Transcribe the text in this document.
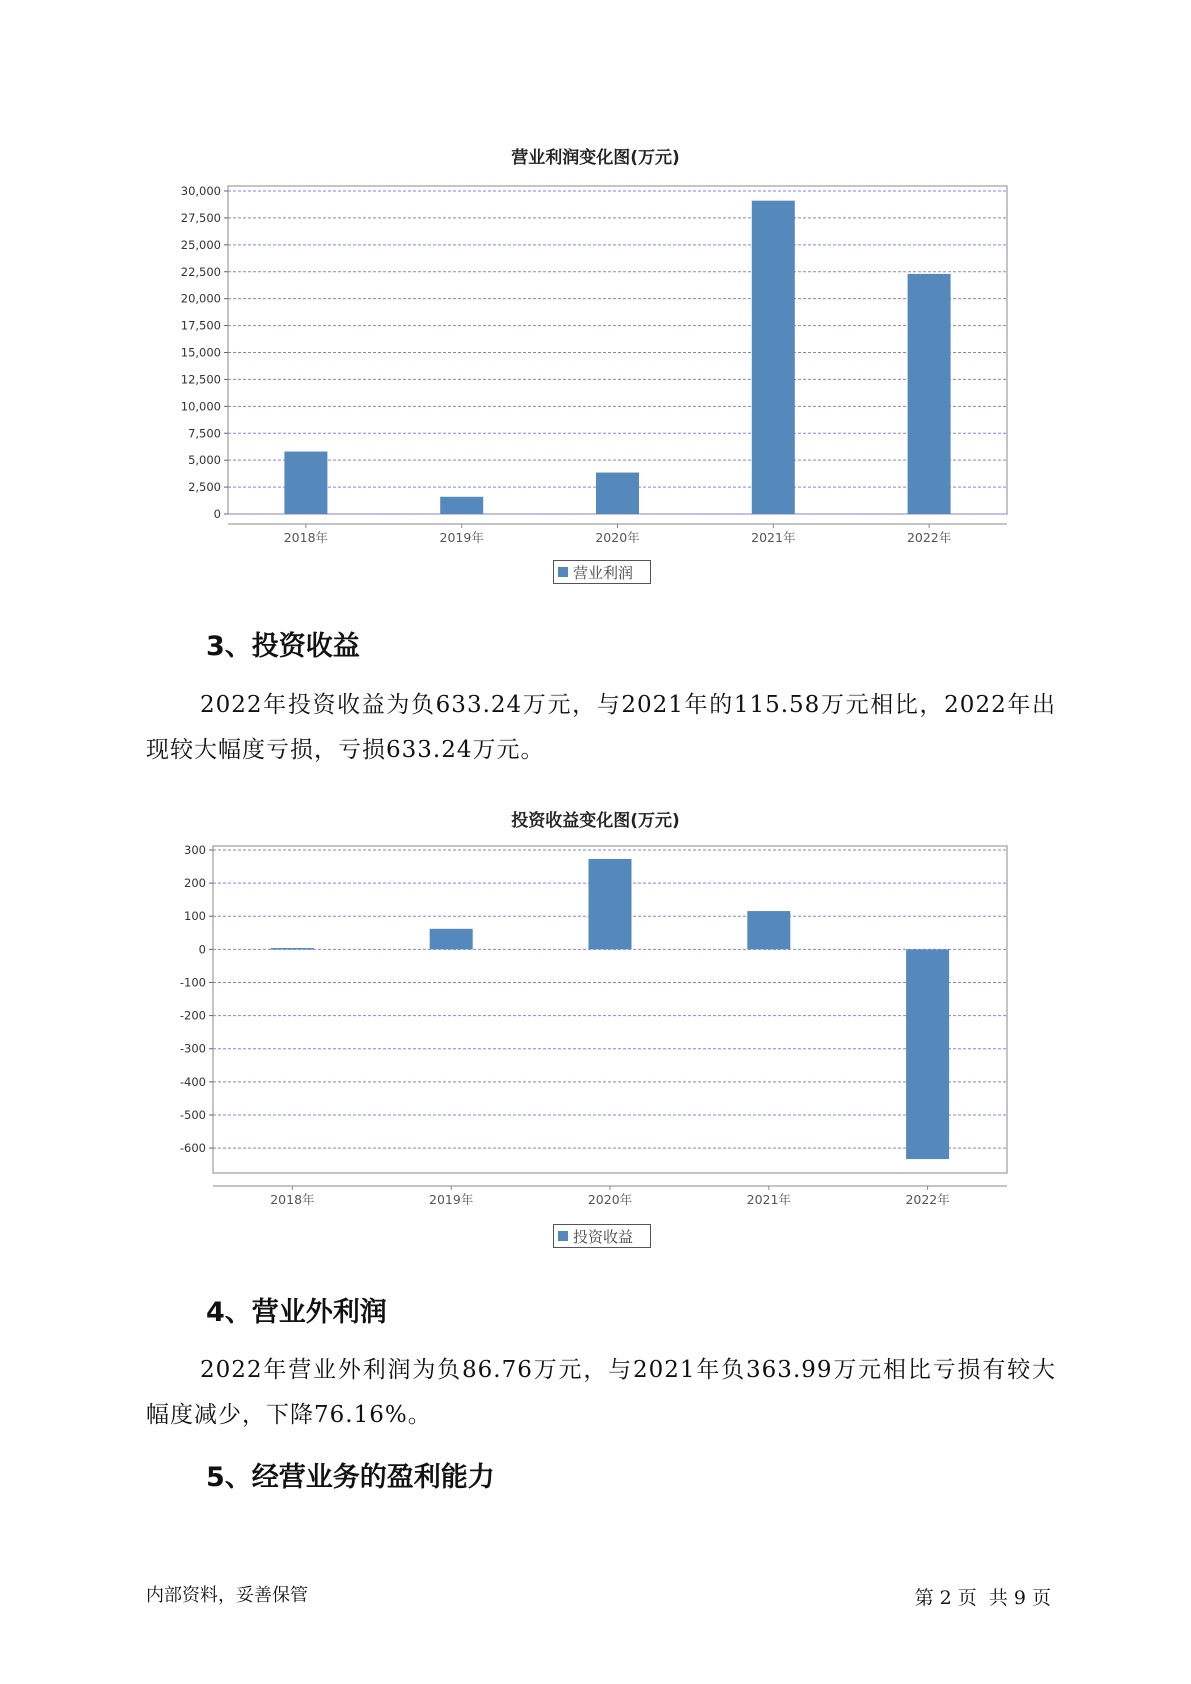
营业利润变化图(万元)
0
2,500
5,000
7,500
10,000
12,500
15,000
17,500
20,000
22,500
25,000
27,500
30,000
2018年	2019年	2020年	2021年	2022年
营业利润
3、投资收益

2022年投资收益为负633.24万元，与2021年的115.58万元相比，2022年出现较大幅度亏损，亏损633.24万元。

投资收益变化图(万元)
-600
-500
-400
-300
-200
-100
0
100
200
300
2018年	2019年	2020年	2021年	2022年
投资收益
4、营业外利润

2022年营业外利润为负86.76万元，与2021年负363.99万元相比亏损有较大幅度减少，下降76.16%。

5、经营业务的盈利能力
内部资料，妥善保管	第 2 页  共 9 页
